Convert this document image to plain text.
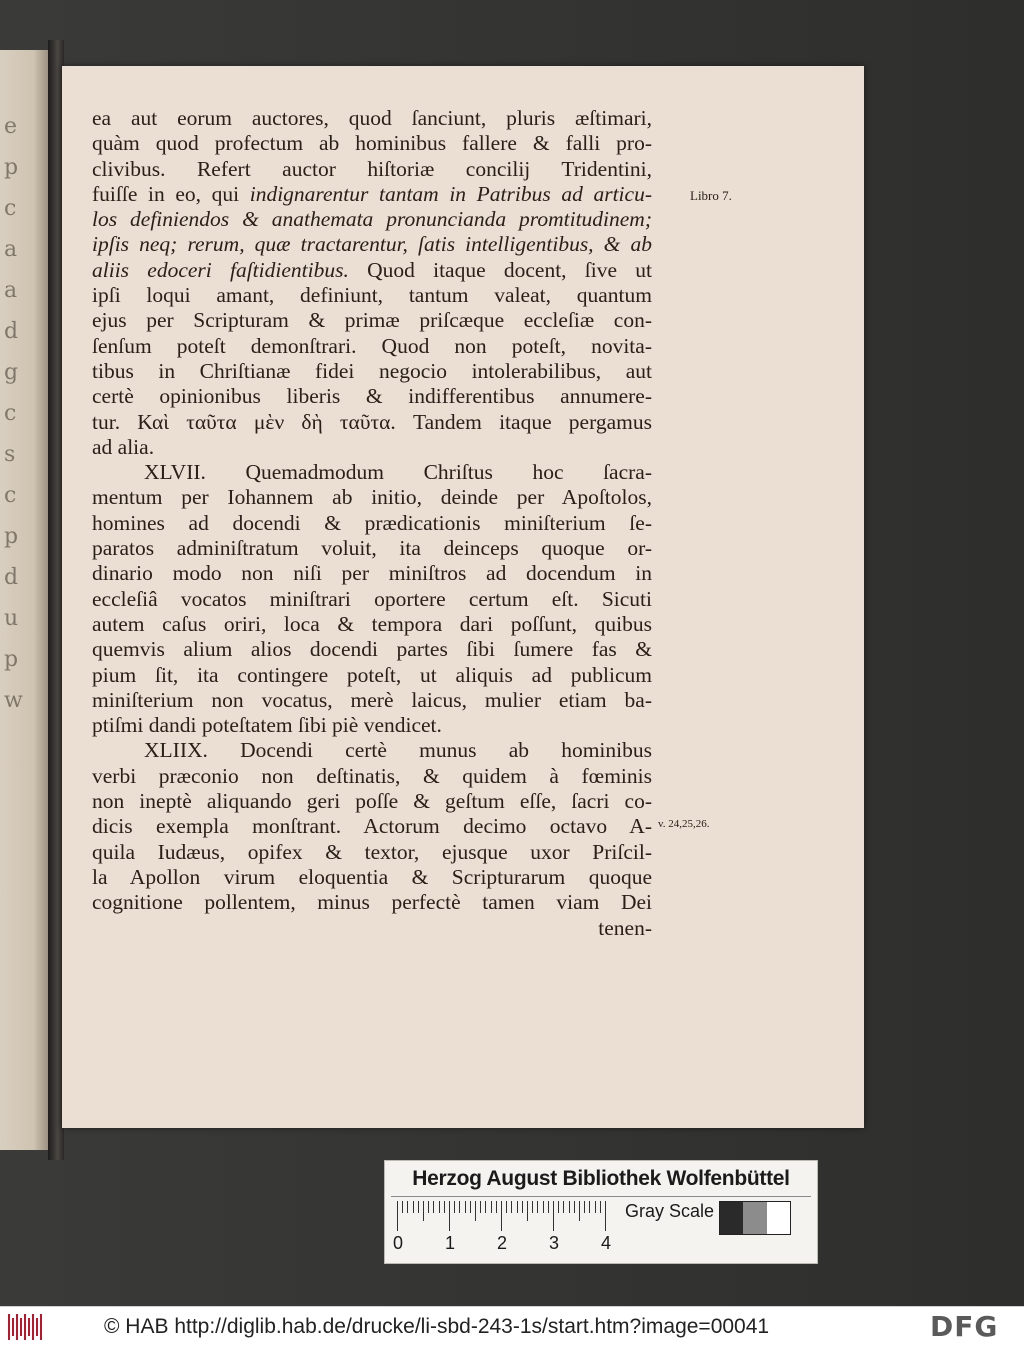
e
p
c
a
a
d
g
c
s
c
p
d
u
p
w
ea aut eorum auctores, quod ſanciunt, pluris æſtimari,
quàm quod profectum ab hominibus fallere & falli pro-
clivibus. Refert auctor hiſtoriæ concilij Tridentini,
fuiſſe in eo, qui indignarentur tantam in Patribus ad articu-
los definiendos & anathemata pronuncianda promtitudinem;
ipſis neq; rerum, quæ tractarentur, ſatis intelligentibus, & ab
aliis edoceri faſtidientibus. Quod itaque docent, ſive ut
ipſi loqui amant, definiunt, tantum valeat, quantum
ejus per Scripturam & primæ priſcæque eccleſiæ con-
ſenſum poteſt demonſtrari. Quod non poteſt, novita-
tibus in Chriſtianæ fidei negocio intolerabilibus, aut
certè opinionibus liberis & indifferentibus annumere-
tur. Καὶ ταῦτα μὲν δὴ ταῦτα. Tandem itaque pergamus
ad alia.
XLVII. Quemadmodum Chriſtus hoc ſacra-
mentum per Iohannem ab initio, deinde per Apoſtolos,
homines ad docendi & prædicationis miniſterium ſe-
paratos adminiſtratum voluit, ita deinceps quoque or-
dinario modo non niſi per miniſtros ad docendum in
eccleſiâ vocatos miniſtrari oportere certum eſt. Sicuti
autem caſus oriri, loca & tempora dari poſſunt, quibus
quemvis alium alios docendi partes ſibi ſumere fas &
pium ſit, ita contingere poteſt, ut aliquis ad publicum
miniſterium non vocatus, merè laicus, mulier etiam ba-
ptiſmi dandi poteſtatem ſibi piè vendicet.
XLIIX. Docendi certè munus ab hominibus
verbi præconio non deſtinatis, & quidem à fœminis
non ineptè aliquando geri poſſe & geſtum eſſe, ſacri co-
dicis exempla monſtrant. Actorum decimo octavo A-
quila Iudæus, opifex & textor, ejusque uxor Priſcil-
la Apollon virum eloquentia & Scripturarum quoque
cognitione pollentem, minus perfectè tamen viam Dei
tenen-
Libro 7.
v. 24,25,26.
Herzog August Bibliothek Wolfenbüttel
0 1 2 3 4
Gray Scale
© HAB http://diglib.hab.de/drucke/li-sbd-243-1s/start.htm?image=00041	DFG
